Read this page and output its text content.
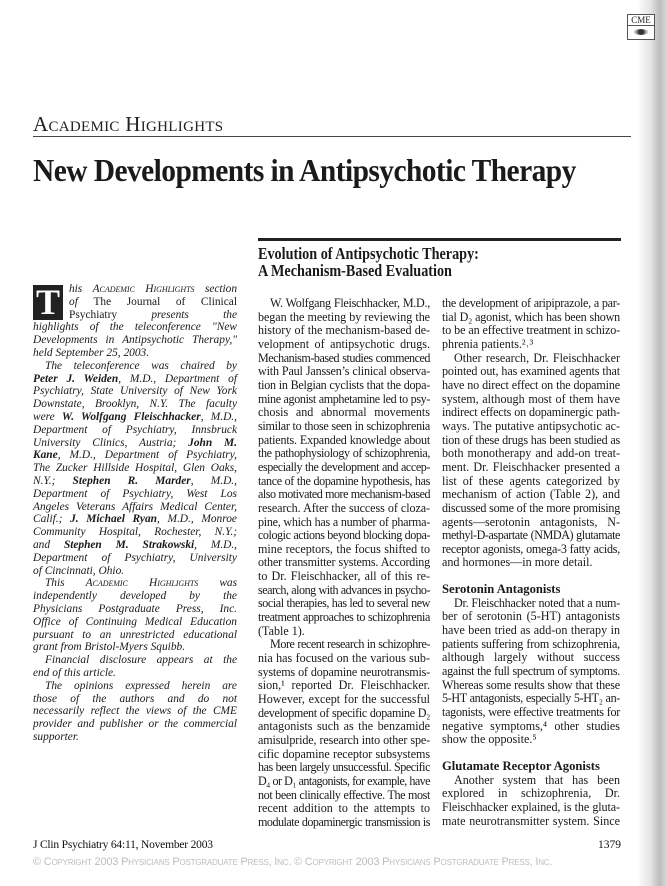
CME
Academic Highlights
New Developments in Antipsychotic Therapy
Evolution of Antipsychotic Therapy:
A Mechanism-Based Evaluation
T his Academic Highlights section
of The Journal of Clinical
Psychiatry presents the
highlights of the teleconference "New
Developments in Antipsychotic Therapy,"
held September 25, 2003.
The teleconference was chaired by
Peter J. Weiden, M.D., Department of
Psychiatry, State University of New York
Downstate, Brooklyn, N.Y. The faculty
were W. Wolfgang Fleischhacker, M.D.,
Department of Psychiatry, Innsbruck
University Clinics, Austria; John M.
Kane, M.D., Department of Psychiatry,
The Zucker Hillside Hospital, Glen Oaks,
N.Y.; Stephen R. Marder, M.D.,
Department of Psychiatry, West Los
Angeles Veterans Affairs Medical Center,
Calif.; J. Michael Ryan, M.D., Monroe
Community Hospital, Rochester, N.Y.;
and Stephen M. Strakowski, M.D.,
Department of Psychiatry, University
of Cincinnati, Ohio.
This Academic Highlights was
independently developed by the
Physicians Postgraduate Press, Inc.
Office of Continuing Medical Education
pursuant to an unrestricted educational
grant from Bristol-Myers Squibb.
Financial disclosure appears at the
end of this article.
The opinions expressed herein are
those of the authors and do not
necessarily reflect the views of the CME
provider and publisher or the commercial
supporter.
W. Wolfgang Fleischhacker, M.D.,
began the meeting by reviewing the
history of the mechanism-based de-
velopment of antipsychotic drugs.
Mechanism-based studies commenced
with Paul Janssen’s clinical observa-
tion in Belgian cyclists that the dopa-
mine agonist amphetamine led to psy-
chosis and abnormal movements
similar to those seen in schizophrenia
patients. Expanded knowledge about
the pathophysiology of schizophrenia,
especially the development and accep-
tance of the dopamine hypothesis, has
also motivated more mechanism-based
research. After the success of cloza-
pine, which has a number of pharma-
cologic actions beyond blocking dopa-
mine receptors, the focus shifted to
other transmitter systems. According
to Dr. Fleischhacker, all of this re-
search, along with advances in psycho-
social therapies, has led to several new
treatment approaches to schizophrenia
(Table 1).
More recent research in schizophre-
nia has focused on the various sub-
systems of dopamine neurotransmis-
sion,¹ reported Dr. Fleischhacker.
However, except for the successful
development of specific dopamine D₂
antagonists such as the benzamide
amisulpride, research into other spe-
cific dopamine receptor subsystems
has been largely unsuccessful. Specific
D₄ or D₁ antagonists, for example, have
not been clinically effective. The most
recent addition to the attempts to
modulate dopaminergic transmission is
the development of aripiprazole, a par-
tial D₂ agonist, which has been shown
to be an effective treatment in schizo-
phrenia patients.²˒³
Other research, Dr. Fleischhacker
pointed out, has examined agents that
have no direct effect on the dopamine
system, although most of them have
indirect effects on dopaminergic path-
ways. The putative antipsychotic ac-
tion of these drugs has been studied as
both monotherapy and add-on treat-
ment. Dr. Fleischhacker presented a
list of these agents categorized by
mechanism of action (Table 2), and
discussed some of the more promising
agents—serotonin antagonists, N-
methyl-D-aspartate (NMDA) glutamate
receptor agonists, omega-3 fatty acids,
and hormones—in more detail.
Serotonin Antagonists
Dr. Fleischhacker noted that a num-
ber of serotonin (5-HT) antagonists
have been tried as add-on therapy in
patients suffering from schizophrenia,
although largely without success
against the full spectrum of symptoms.
Whereas some results show that these
5-HT antagonists, especially 5-HT₂ an-
tagonists, were effective treatments for
negative symptoms,⁴ other studies
show the opposite.⁵
Glutamate Receptor Agonists
Another system that has been
explored in schizophrenia, Dr.
Fleischhacker explained, is the gluta-
mate neurotransmitter system. Since
J Clin Psychiatry 64:11, November 2003	1379
© Copyright 2003 Physicians Postgraduate Press, Inc. © Copyright 2003 Physicians Postgraduate Press, Inc.
